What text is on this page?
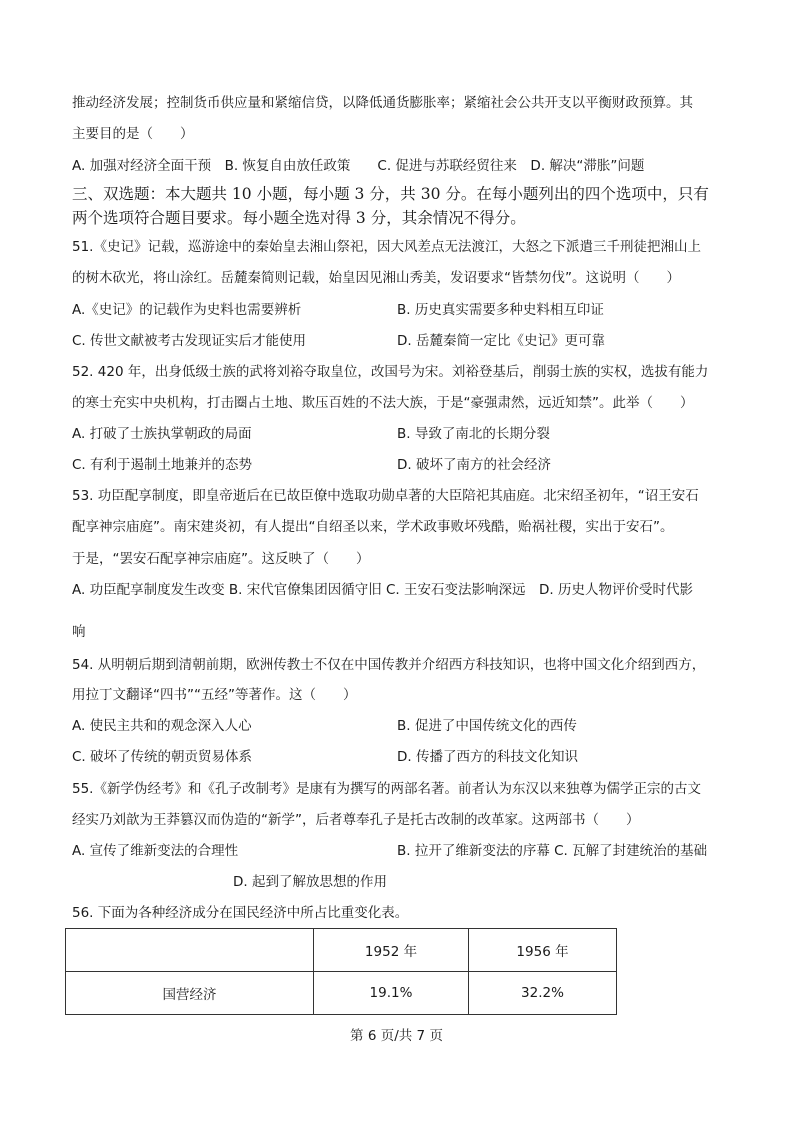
推动经济发展；控制货币供应量和紧缩信贷，以降低通货膨胀率；紧缩社会公共开支以平衡财政预算。其
主要目的是（　　）
A. 加强对经济全面干预　B. 恢复自由放任政策　　C. 促进与苏联经贸往来　D. 解决“滞胀”问题
三、双选题：本大题共 10 小题，每小题 3 分，共 30 分。在每小题列出的四个选项中，只有
两个选项符合题目要求。每小题全选对得 3 分，其余情况不得分。
51.《史记》记载，巡游途中的秦始皇去湘山祭祀，因大风差点无法渡江，大怒之下派遣三千刑徒把湘山上
的树木砍光，将山涂红。岳麓秦简则记载，始皇因见湘山秀美，发诏要求“皆禁勿伐”。这说明（　　）
A.《史记》的记载作为史料也需要辨析	B. 历史真实需要多种史料相互印证
C. 传世文献被考古发现证实后才能使用	D. 岳麓秦简一定比《史记》更可靠
52. 420 年，出身低级士族的武将刘裕夺取皇位，改国号为宋。刘裕登基后，削弱士族的实权，选拔有能力
的寒士充实中央机构，打击圈占土地、欺压百姓的不法大族，于是“豪强肃然，远近知禁”。此举（　　）
A. 打破了士族执掌朝政的局面	B. 导致了南北的长期分裂
C. 有利于遏制土地兼并的态势	D. 破坏了南方的社会经济
53. 功臣配享制度，即皇帝逝后在已故臣僚中选取功勋卓著的大臣陪祀其庙庭。北宋绍圣初年，“诏王安石
配享神宗庙庭”。南宋建炎初，有人提出“自绍圣以来，学术政事败坏残酷，贻祸社稷，实出于安石”。
于是，“罢安石配享神宗庙庭”。这反映了（　　）
A. 功臣配享制度发生改变 B. 宋代官僚集团因循守旧 C. 王安石变法影响深远　D. 历史人物评价受时代影
响
54. 从明朝后期到清朝前期，欧洲传教士不仅在中国传教并介绍西方科技知识，也将中国文化介绍到西方，
用拉丁文翻译“四书”“五经”等著作。这（　　）
A. 使民主共和的观念深入人心	B. 促进了中国传统文化的西传
C. 破坏了传统的朝贡贸易体系	D. 传播了西方的科技文化知识
55.《新学伪经考》和《孔子改制考》是康有为撰写的两部名著。前者认为东汉以来独尊为儒学正宗的古文
经实乃刘歆为王莽篡汉而伪造的“新学”，后者尊奉孔子是托古改制的改革家。这两部书（　　）
A. 宣传了维新变法的合理性	B. 拉开了维新变法的序幕 C. 瓦解了封建统治的基础
D. 起到了解放思想的作用
56. 下面为各种经济成分在国民经济中所占比重变化表。
	1952 年	1956 年
国营经济	19.1%	32.2%
第 6 页/共 7 页
